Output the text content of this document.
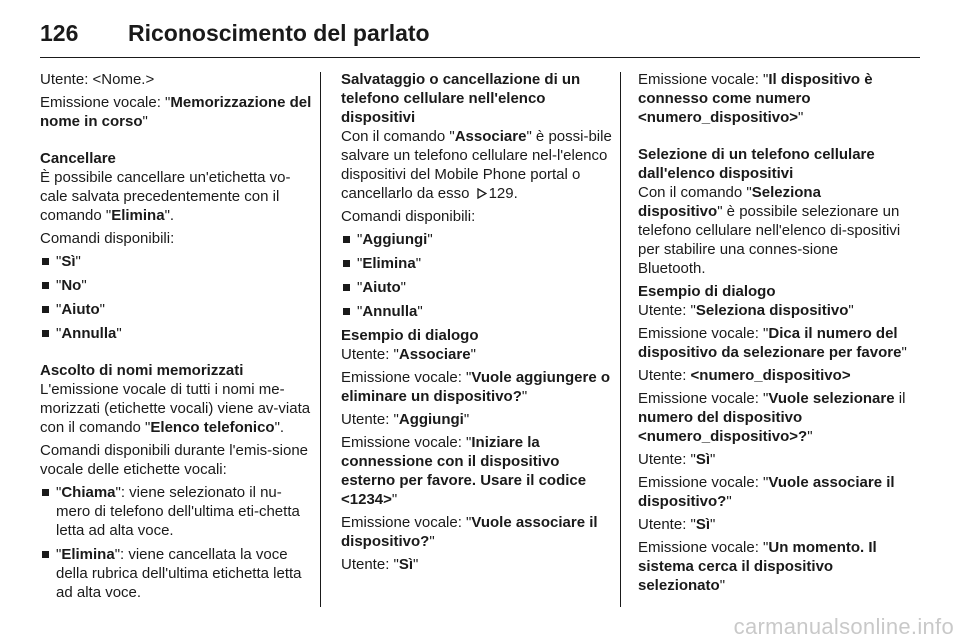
126 Riconoscimento del parlato

Utente: <Nome.>

Emissione vocale: "Memorizzazione del nome in corso"

Cancellare

È possibile cancellare un'etichetta vo-cale salvata precedentemente con il comando "Elimina".

Comandi disponibili:

"Sì"
"No"
"Aiuto"
"Annulla"

Ascolto di nomi memorizzati

L'emissione vocale di tutti i nomi me-morizzati (etichette vocali) viene av-viata con il comando "Elenco telefonico".

Comandi disponibili durante l'emis-sione vocale delle etichette vocali:

"Chiama": viene selezionato il nu-mero di telefono dell'ultima eti-chetta letta ad alta voce.
"Elimina": viene cancellata la voce della rubrica dell'ultima etichetta letta ad alta voce.

Salvataggio o cancellazione di un telefono cellulare nell'elenco dispositivi

Con il comando "Associare" è possi-bile salvare un telefono cellulare nel-l'elenco dispositivi del Mobile Phone portal o cancellarlo da esso 129.

Comandi disponibili:

"Aggiungi"
"Elimina"
"Aiuto"
"Annulla"

Esempio di dialogo

Utente: "Associare"

Emissione vocale: "Vuole aggiungere o eliminare un dispositivo?"

Utente: "Aggiungi"

Emissione vocale: "Iniziare la connessione con il dispositivo esterno per favore. Usare il codice <1234>"

Emissione vocale: "Vuole associare il dispositivo?"

Utente: "Sì"

Emissione vocale: "Il dispositivo è connesso come numero <numero_dispositivo>"

Selezione di un telefono cellulare dall'elenco dispositivi

Con il comando "Seleziona dispositivo" è possibile selezionare un telefono cellulare nell'elenco di-spositivi per stabilire una connes-sione Bluetooth.

Esempio di dialogo

Utente: "Seleziona dispositivo"

Emissione vocale: "Dica il numero del dispositivo da selezionare per favore"

Utente: <numero_dispositivo>

Emissione vocale: "Vuole selezionare il numero del dispositivo <numero_dispositivo>?"

Utente: "Sì"

Emissione vocale: "Vuole associare il dispositivo?"

Utente: "Sì"

Emissione vocale: "Un momento. Il sistema cerca il dispositivo selezionato"

carmanualsonline.info
